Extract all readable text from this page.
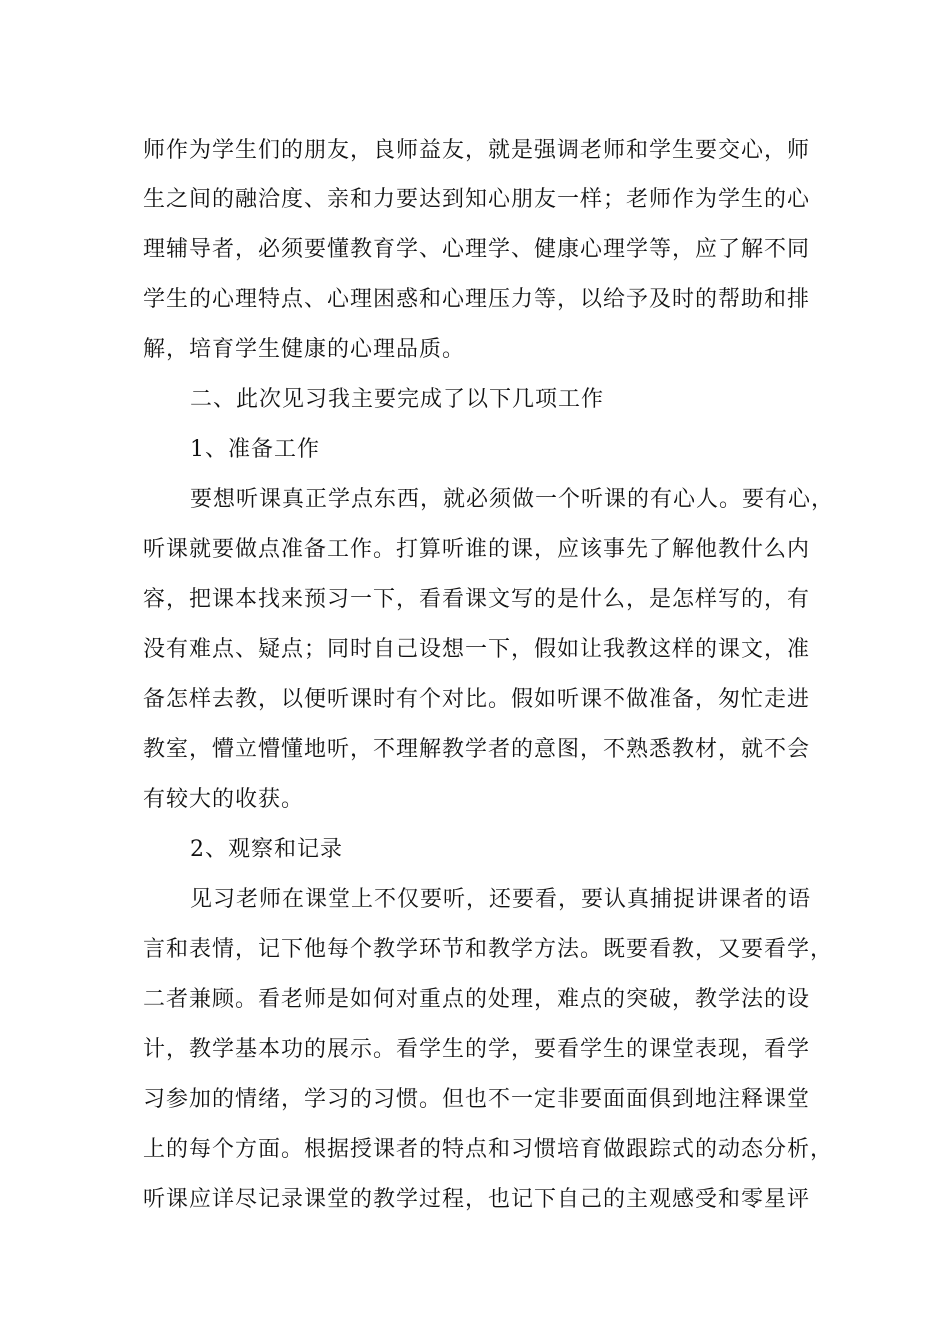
师作为学生们的朋友，良师益友，就是强调老师和学生要交心，师
生之间的融洽度、亲和力要达到知心朋友一样；老师作为学生的心
理辅导者，必须要懂教育学、心理学、健康心理学等，应了解不同
学生的心理特点、心理困惑和心理压力等，以给予及时的帮助和排
解，培育学生健康的心理品质。
二、此次见习我主要完成了以下几项工作
1、准备工作
要想听课真正学点东西，就必须做一个听课的有心人。要有心，
听课就要做点准备工作。打算听谁的课，应该事先了解他教什么内
容，把课本找来预习一下，看看课文写的是什么，是怎样写的，有
没有难点、疑点；同时自己设想一下，假如让我教这样的课文，准
备怎样去教，以便听课时有个对比。假如听课不做准备，匆忙走进
教室，懵立懵懂地听，不理解教学者的意图，不熟悉教材，就不会
有较大的收获。
2、观察和记录
见习老师在课堂上不仅要听，还要看，要认真捕捉讲课者的语
言和表情，记下他每个教学环节和教学方法。既要看教，又要看学，
二者兼顾。看老师是如何对重点的处理，难点的突破，教学法的设
计，教学基本功的展示。看学生的学，要看学生的课堂表现，看学
习参加的情绪，学习的习惯。但也不一定非要面面俱到地注释课堂
上的每个方面。根据授课者的特点和习惯培育做跟踪式的动态分析，
听课应详尽记录课堂的教学过程，也记下自己的主观感受和零星评
